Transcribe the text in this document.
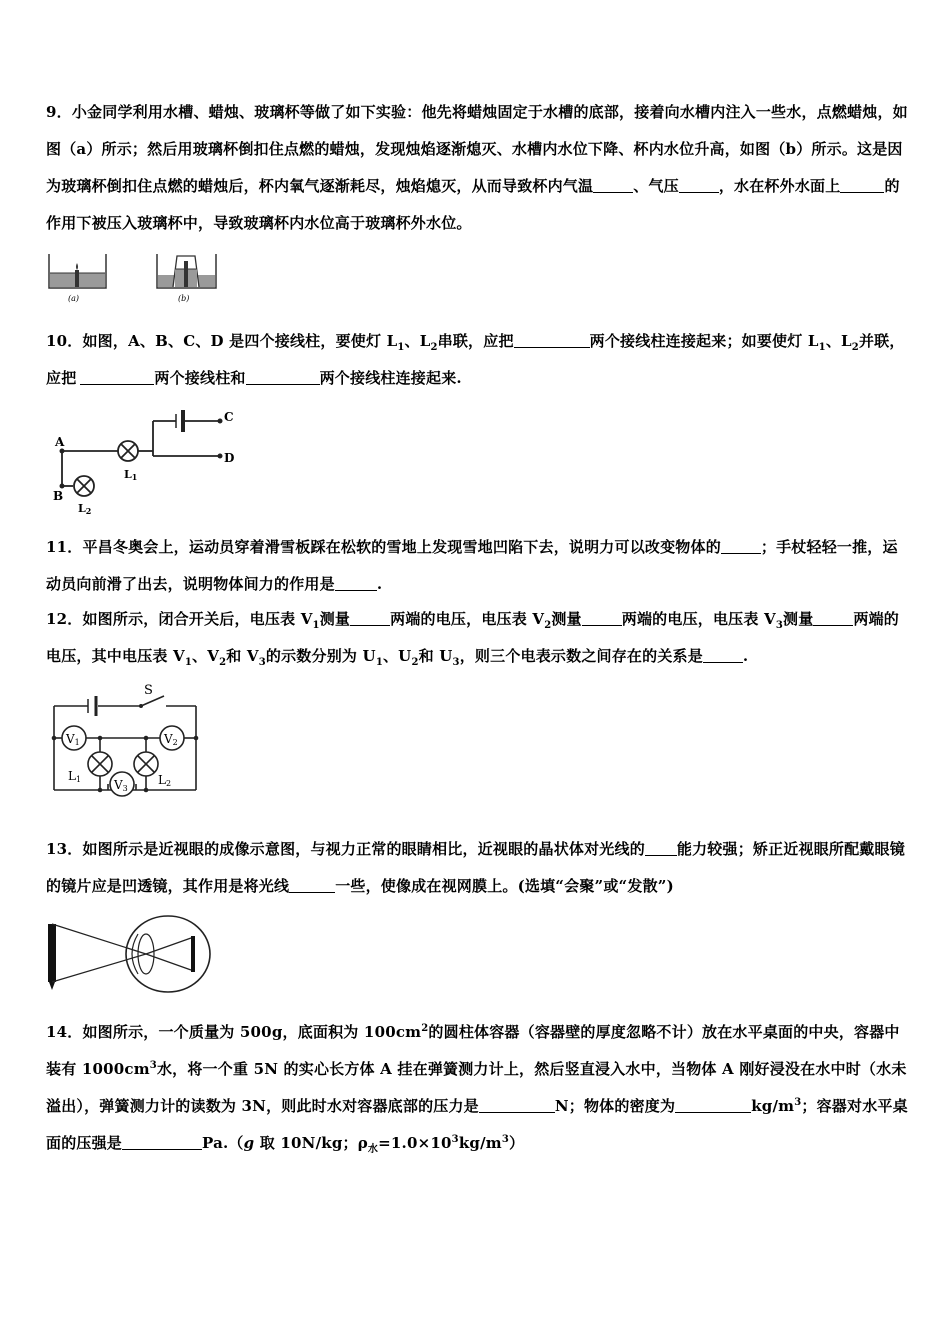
9．小金同学利用水槽、蜡烛、玻璃杯等做了如下实验：他先将蜡烛固定于水槽的底部，接着向水槽内注入一些水，点燃蜡烛，如图（a）所示；然后用玻璃杯倒扣住点燃的蜡烛，发现烛焰逐渐熄灭、水槽内水位下降、杯内水位升高，如图（b）所示。这是因为玻璃杯倒扣住点燃的蜡烛后，杯内氧气逐渐耗尽，烛焰熄灭，从而导致杯内气温	、气压	，水在杯外水面上	的作用下被压入玻璃杯中，导致玻璃杯内水位高于玻璃杯外水位。

(a)	(b)

10．如图，A、B、C、D 是四个接线柱，要使灯 $L_1$、$L_2$串联，应把	两个接线柱连接起来；如要使灯 $L_1$、$L_2$并联，应把	两个接线柱和	两个接线柱连接起来.

A
B
C
D
L1
L2

11．平昌冬奥会上，运动员穿着滑雪板踩在松软的雪地上发现雪地凹陷下去，说明力可以改变物体的	；手杖轻轻一推，运动员向前滑了出去，说明物体间力的作用是	.

12．如图所示，闭合开关后，电压表 $V_1$测量	两端的电压，电压表 $V_2$测量	两端的电压，电压表 $V_3$测量	两端的电压，其中电压表 $V_1$、$V_2$和 $V_3$的示数分别为 $U_1$、$U_2$和 $U_3$，则三个电表示数之间存在的关系是	.

S
V1	V2
V3
L1	L2

13．如图所示是近视眼的成像示意图，与视力正常的眼睛相比，近视眼的晶状体对光线的 能力较强；矫正近视眼所配戴眼镜的镜片应是凹透镜，其作用是将光线	一些，使像成在视网膜上。(选填“会聚”或“发散”)

14．如图所示，一个质量为 500g，底面积为 $100cm^2$的圆柱体容器（容器壁的厚度忽略不计）放在水平桌面的中央，容器中装有 $1000cm^3$水，将一个重 5N 的实心长方体 A 挂在弹簧测力计上，然后竖直浸入水中，当物体 A 刚好浸没在水中时（水未溢出），弹簧测力计的读数为 3N，则此时水对容器底部的压力是	N；物体的密度为	$kg/m^3$；容器对水平桌面的压强是	Pa.（g 取 10N/kg；$\rho_水=1.0\times 10^3kg/m^3$）
